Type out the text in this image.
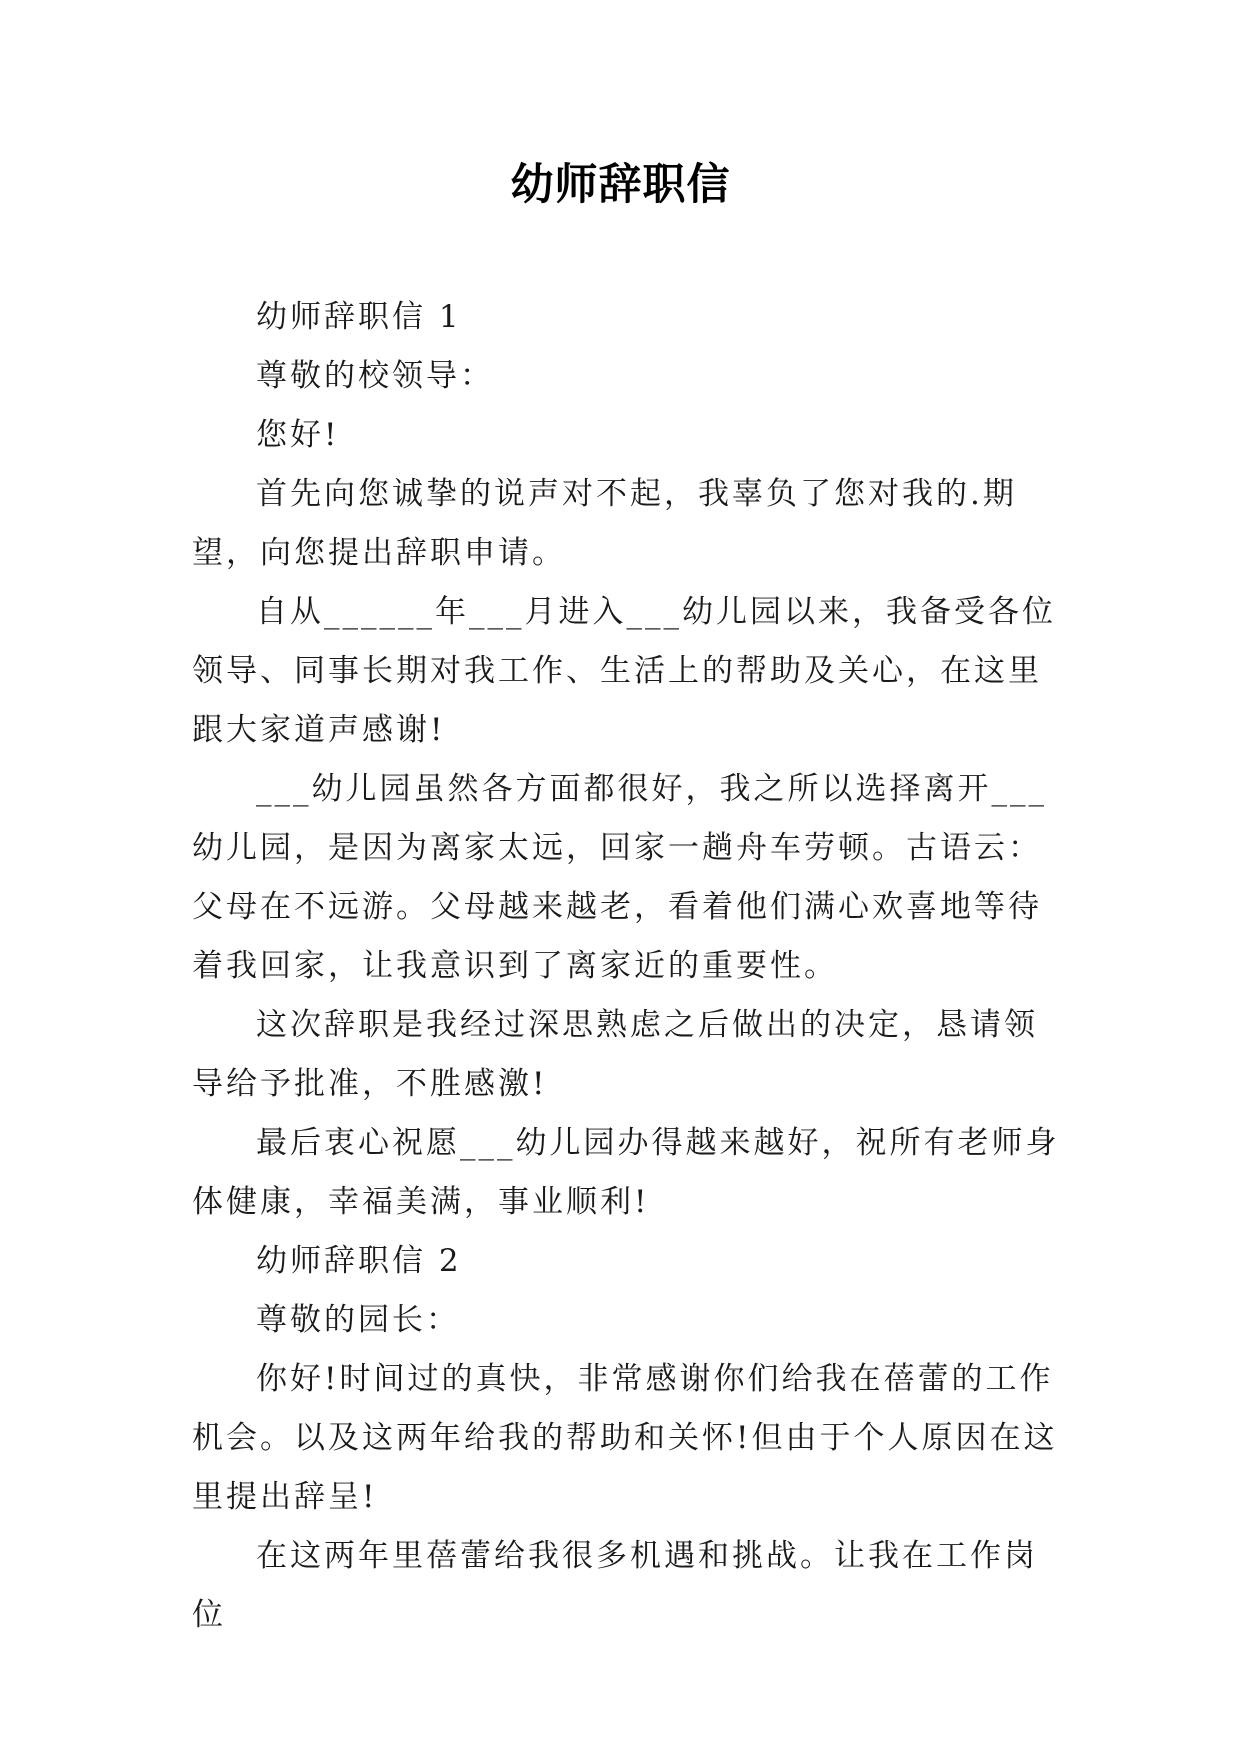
幼师辞职信

幼师辞职信 1

尊敬的校领导：

您好!

首先向您诚挚的说声对不起，我辜负了您对我的.期望，向您提出辞职申请。

自从______年___月进入___幼儿园以来，我备受各位领导、同事长期对我工作、生活上的帮助及关心，在这里跟大家道声感谢!

___幼儿园虽然各方面都很好，我之所以选择离开___幼儿园，是因为离家太远，回家一趟舟车劳顿。古语云：父母在不远游。父母越来越老，看着他们满心欢喜地等待着我回家，让我意识到了离家近的重要性。

这次辞职是我经过深思熟虑之后做出的决定，恳请领导给予批准，不胜感激!

最后衷心祝愿___幼儿园办得越来越好，祝所有老师身体健康，幸福美满，事业顺利!

幼师辞职信 2

尊敬的园长：

你好!时间过的真快，非常感谢你们给我在蓓蕾的工作机会。以及这两年给我的帮助和关怀!但由于个人原因在这里提出辞呈!

在这两年里蓓蕾给我很多机遇和挑战。让我在工作岗位
